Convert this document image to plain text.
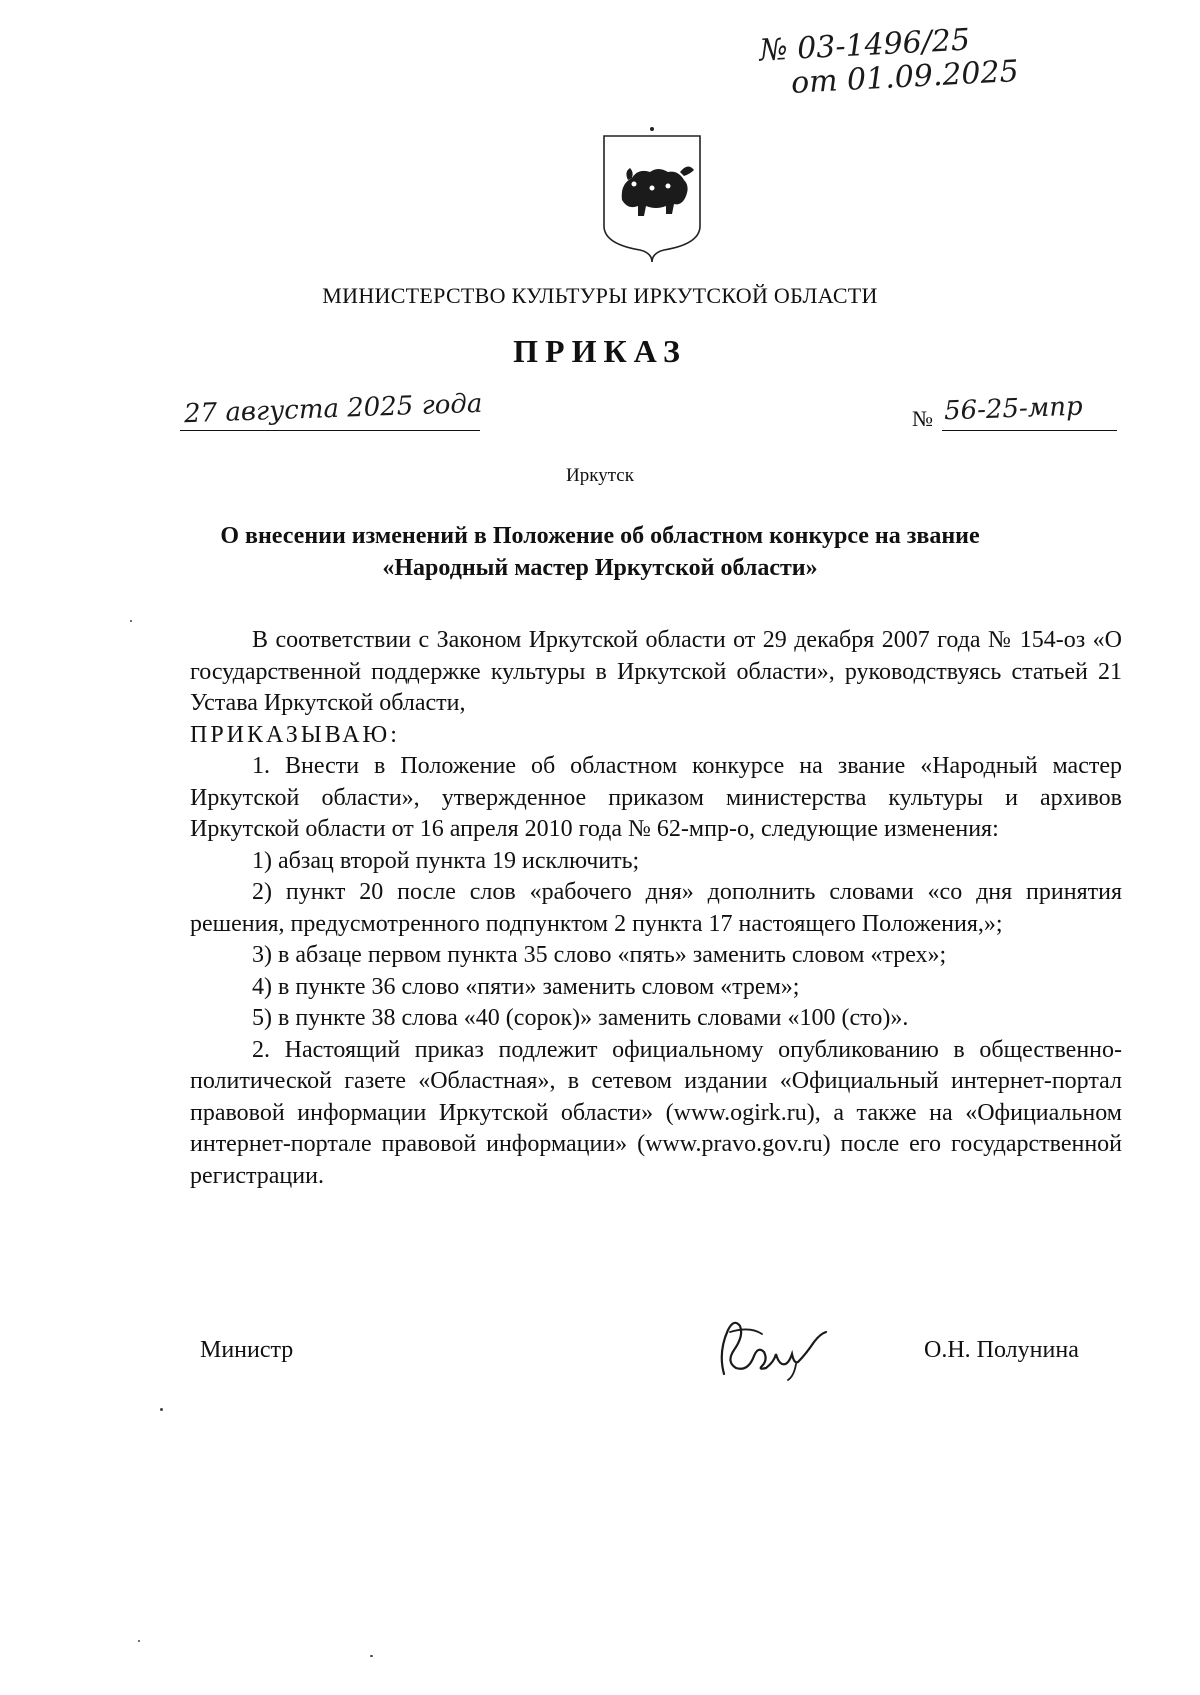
№ 03-1496/25
от 01.09.2025
МИНИСТЕРСТВО КУЛЬТУРЫ ИРКУТСКОЙ ОБЛАСТИ
ПРИКАЗ
27 августа 2025 года	№ 56-25-мпр
Иркутск
О внесении изменений в Положение об областном конкурсе на звание
«Народный мастер Иркутской области»

В соответствии с Законом Иркутской области от 29 декабря 2007 года № 154-оз «О государственной поддержке культуры в Иркутской области», руководствуясь статьей 21 Устава Иркутской области,

ПРИКАЗЫВАЮ:

1. Внести в Положение об областном конкурсе на звание «Народный мастер Иркутской области», утвержденное приказом министерства культуры и архивов Иркутской области от 16 апреля 2010 года № 62-мпр-о, следующие изменения:

1) абзац второй пункта 19 исключить;

2) пункт 20 после слов «рабочего дня» дополнить словами «со дня принятия решения, предусмотренного подпунктом 2 пункта 17 настоящего Положения,»;

3) в абзаце первом пункта 35 слово «пять» заменить словом «трех»;

4) в пункте 36 слово «пяти» заменить словом «трем»;

5) в пункте 38 слова «40 (сорок)» заменить словами «100 (сто)».

2. Настоящий приказ подлежит официальному опубликованию в общественно-политической газете «Областная», в сетевом издании «Официальный интернет-портал правовой информации Иркутской области» (www.ogirk.ru), а также на «Официальном интернет-портале правовой информации» (www.pravo.gov.ru) после его государственной регистрации.

Министр	О.Н. Полунина
